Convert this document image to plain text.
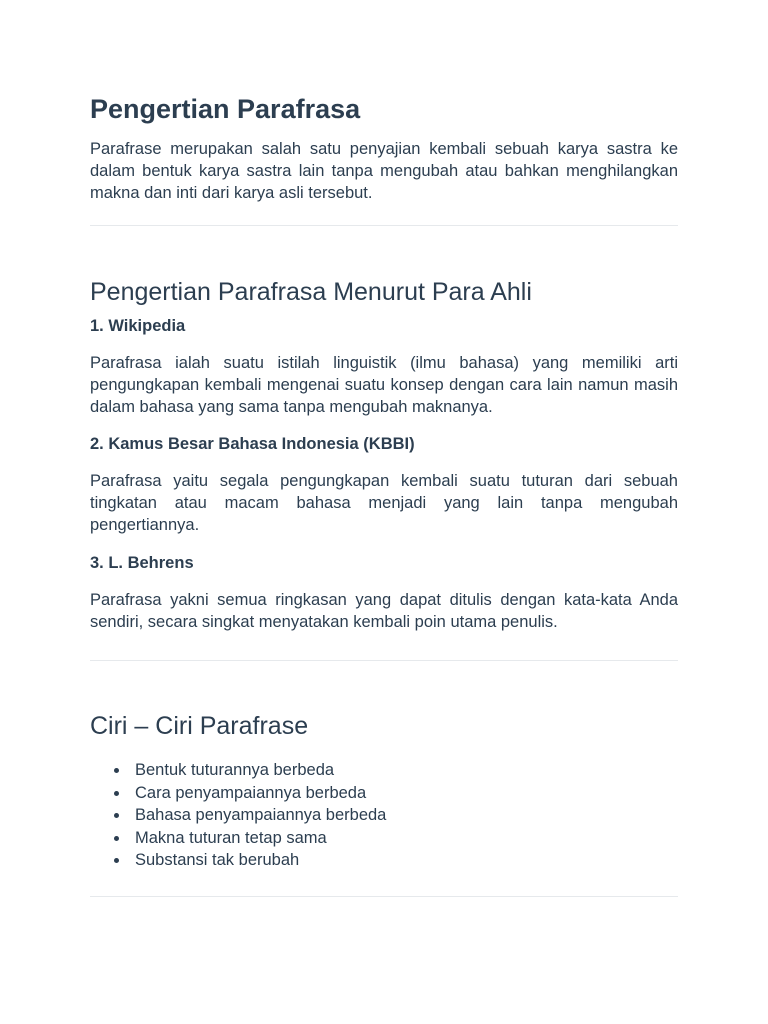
Pengertian Parafrasa

Parafrase merupakan salah satu penyajian kembali sebuah karya sastra ke dalam bentuk karya sastra lain tanpa mengubah atau bahkan menghilangkan makna dan inti dari karya asli tersebut.

Pengertian Parafrasa Menurut Para Ahli
1. Wikipedia

Parafrasa ialah suatu istilah linguistik (ilmu bahasa) yang memiliki arti pengungkapan kembali mengenai suatu konsep dengan cara lain namun masih dalam bahasa yang sama tanpa mengubah maknanya.

2. Kamus Besar Bahasa Indonesia (KBBI)

Parafrasa yaitu segala pengungkapan kembali suatu tuturan dari sebuah tingkatan atau macam bahasa menjadi yang lain tanpa mengubah pengertiannya.

3. L. Behrens

Parafrasa yakni semua ringkasan yang dapat ditulis dengan kata-kata Anda sendiri, secara singkat menyatakan kembali poin utama penulis.

Ciri – Ciri Parafrase
Bentuk tuturannya berbeda
Cara penyampaiannya berbeda
Bahasa penyampaiannya berbeda
Makna tuturan tetap sama
Substansi tak berubah
